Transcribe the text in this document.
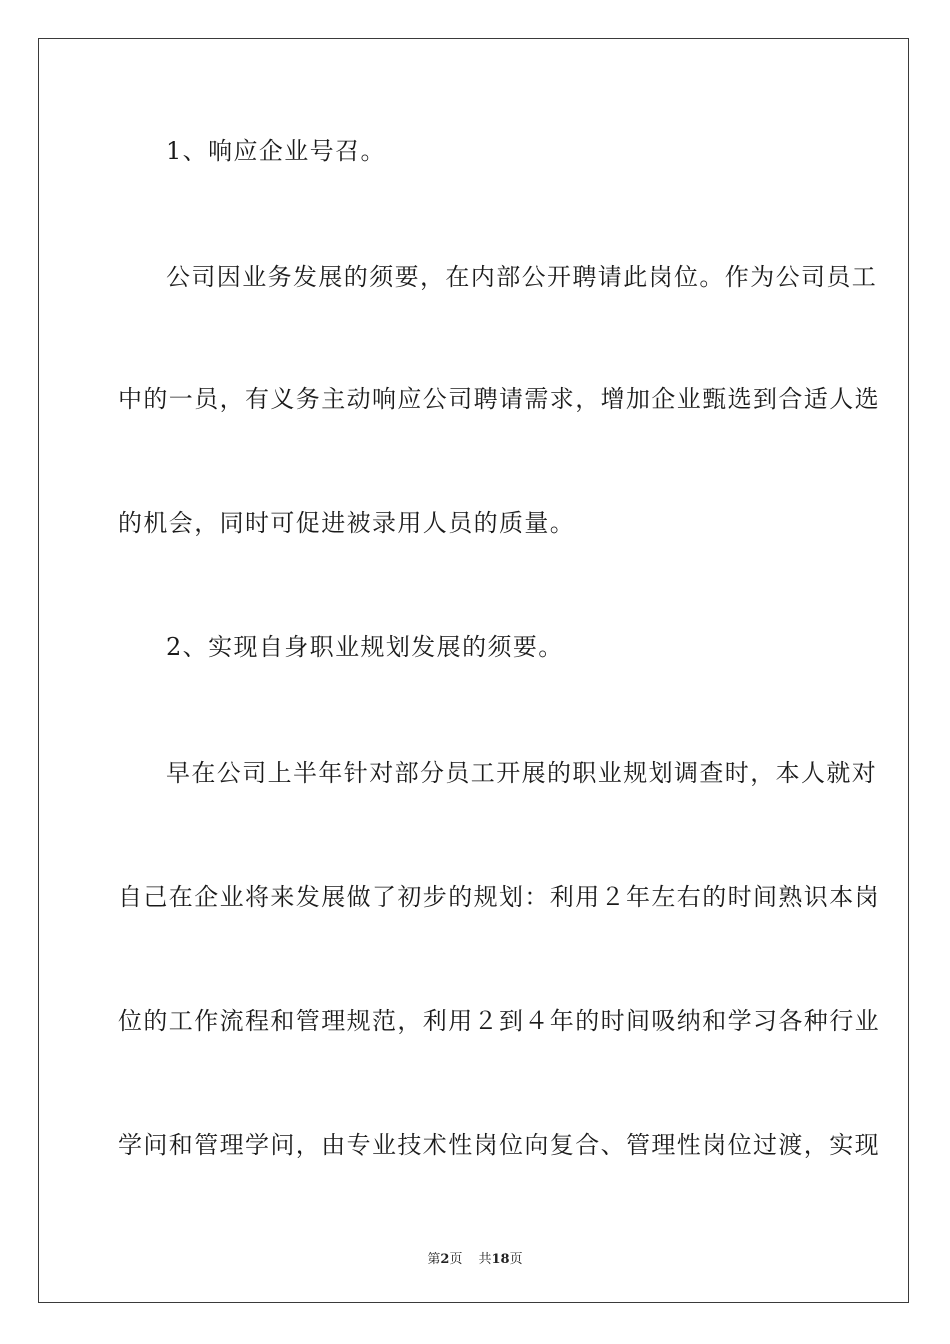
1、响应企业号召。
公司因业务发展的须要，在内部公开聘请此岗位。作为公司员工
中的一员，有义务主动响应公司聘请需求，增加企业甄选到合适人选
的机会，同时可促进被录用人员的质量。
2、实现自身职业规划发展的须要。
早在公司上半年针对部分员工开展的职业规划调查时，本人就对
自己在企业将来发展做了初步的规划：利用２年左右的时间熟识本岗
位的工作流程和管理规范，利用２到４年的时间吸纳和学习各种行业
学问和管理学问，由专业技术性岗位向复合、管理性岗位过渡，实现
第2页 共18页
